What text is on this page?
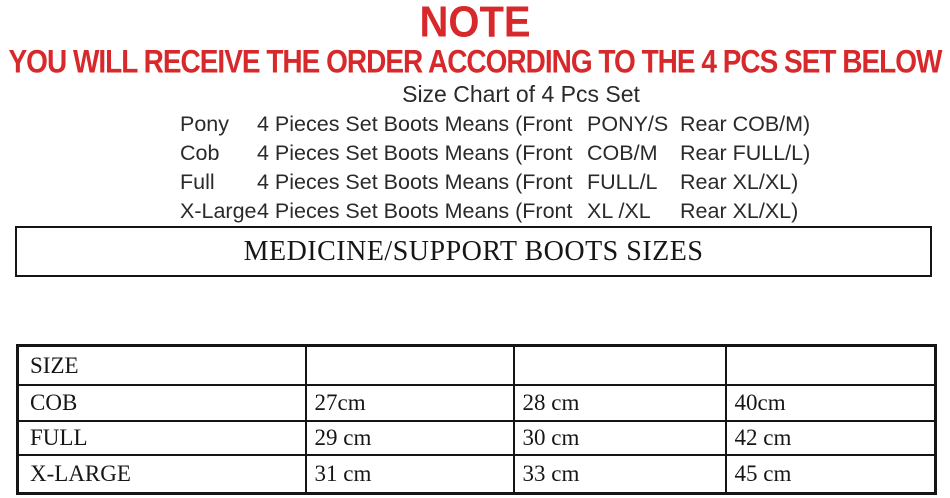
NOTE
YOU WILL RECEIVE THE ORDER ACCORDING TO THE 4 PCS SET BELOW
Size Chart of 4 Pcs Set
Pony	4 Pieces Set Boots Means (Front PONY/S Rear COB/M)
Cob	4 Pieces Set Boots Means (Front COB/M	Rear FULL/L)
Full	4 Pieces Set Boots Means (Front FULL/L	Rear XL/XL)
X-Large 4 Pieces Set Boots Means (Front XL /XL	Rear XL/XL)
MEDICINE/SUPPORT BOOTS SIZES
SIZE			
COB	27cm	28 cm	40cm
FULL	29 cm	30 cm	42 cm
X-LARGE	31 cm	33 cm	45 cm
